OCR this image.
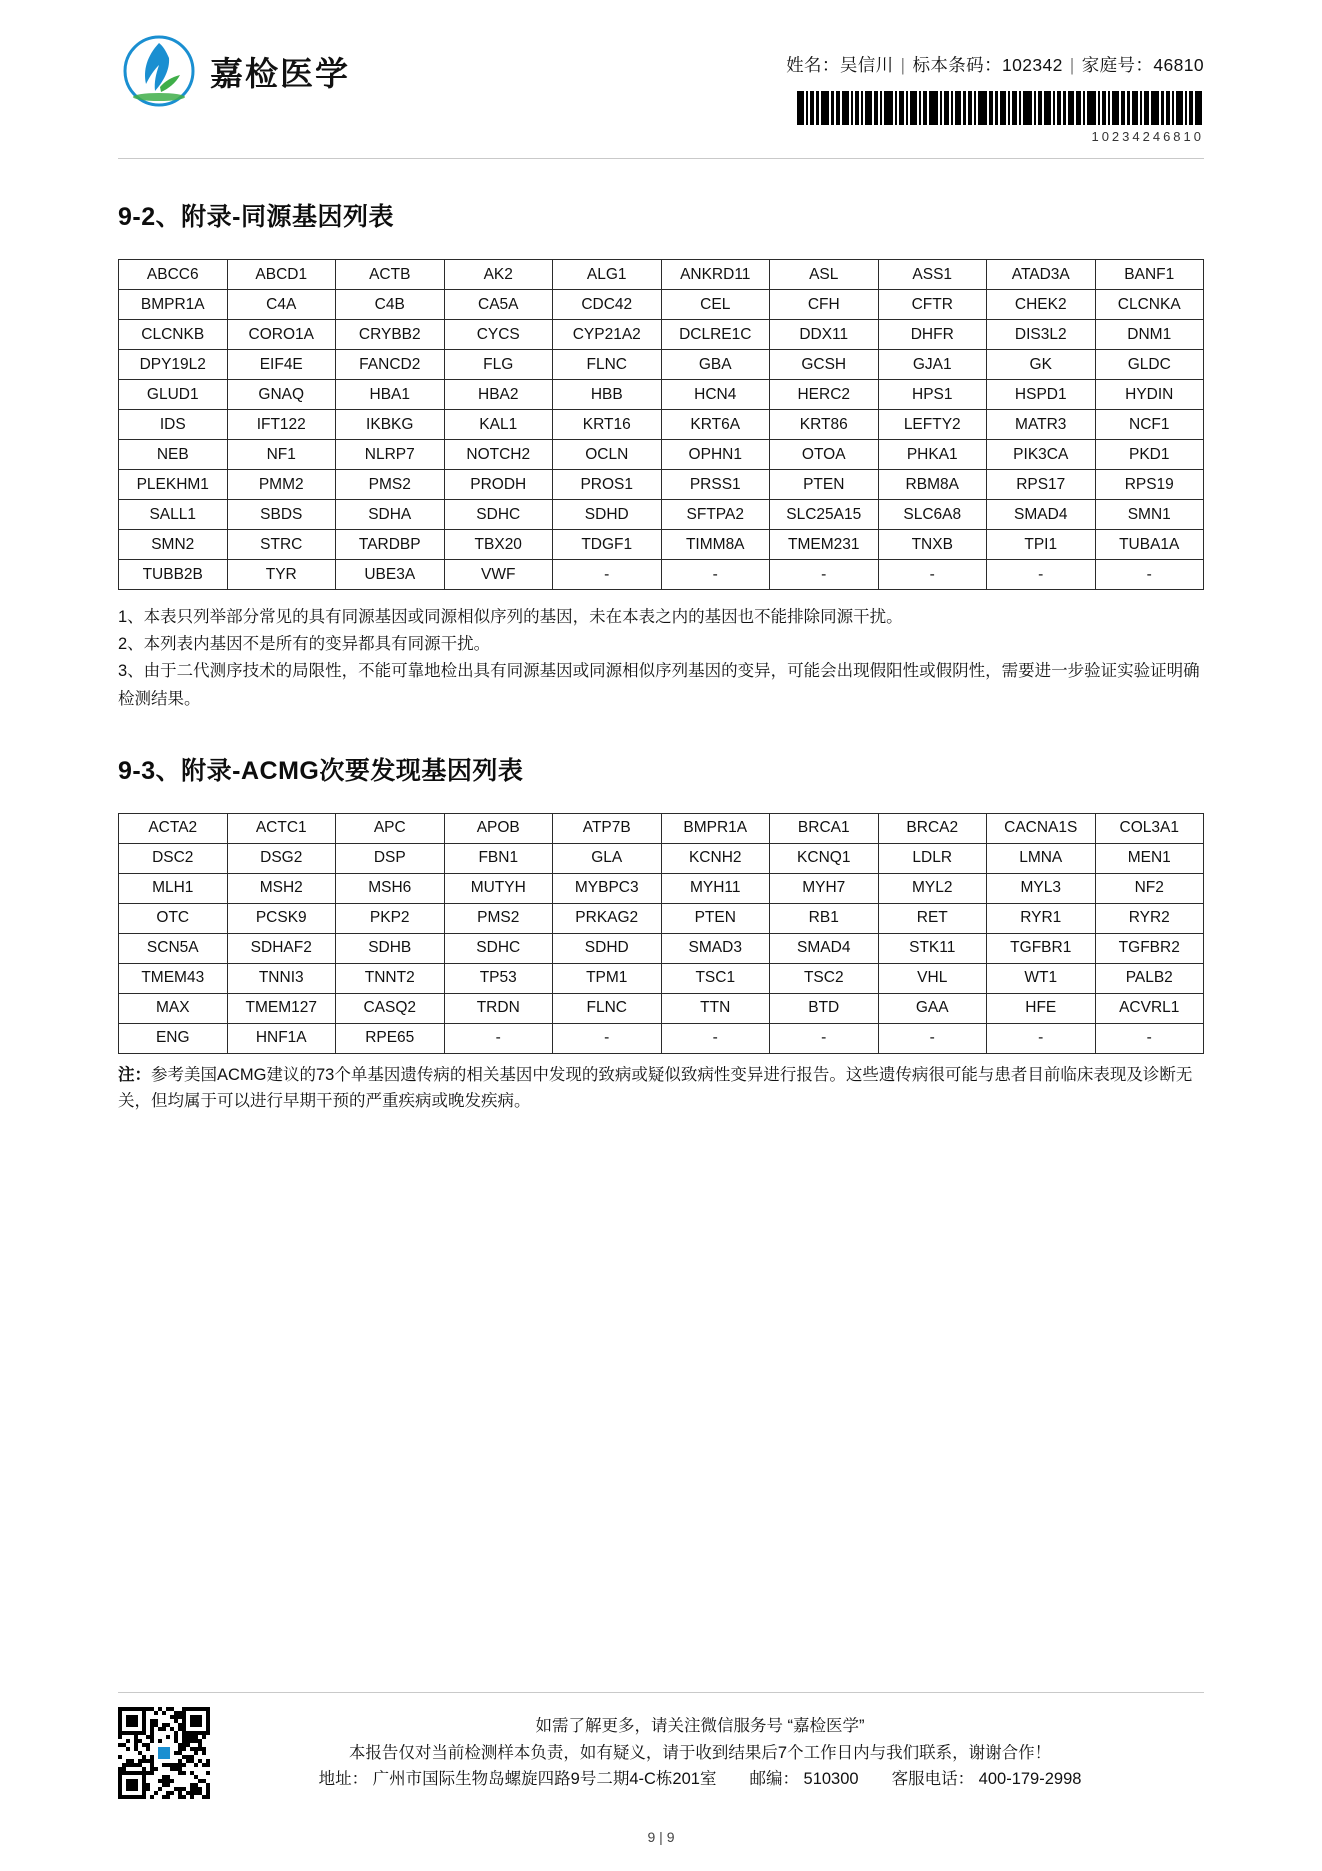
嘉检医学	姓名：吴信川 | 标本条码：102342 | 家庭号：46810
10234246810
9-2、附录-同源基因列表
ABCC6	ABCD1	ACTB	AK2	ALG1	ANKRD11	ASL	ASS1	ATAD3A	BANF1
BMPR1A	C4A	C4B	CA5A	CDC42	CEL	CFH	CFTR	CHEK2	CLCNKA
CLCNKB	CORO1A	CRYBB2	CYCS	CYP21A2	DCLRE1C	DDX11	DHFR	DIS3L2	DNM1
DPY19L2	EIF4E	FANCD2	FLG	FLNC	GBA	GCSH	GJA1	GK	GLDC
GLUD1	GNAQ	HBA1	HBA2	HBB	HCN4	HERC2	HPS1	HSPD1	HYDIN
IDS	IFT122	IKBKG	KAL1	KRT16	KRT6A	KRT86	LEFTY2	MATR3	NCF1
NEB	NF1	NLRP7	NOTCH2	OCLN	OPHN1	OTOA	PHKA1	PIK3CA	PKD1
PLEKHM1	PMM2	PMS2	PRODH	PROS1	PRSS1	PTEN	RBM8A	RPS17	RPS19
SALL1	SBDS	SDHA	SDHC	SDHD	SFTPA2	SLC25A15	SLC6A8	SMAD4	SMN1
SMN2	STRC	TARDBP	TBX20	TDGF1	TIMM8A	TMEM231	TNXB	TPI1	TUBA1A
TUBB2B	TYR	UBE3A	VWF	-	-	-	-	-	-

1、本表只列举部分常见的具有同源基因或同源相似序列的基因，未在本表之内的基因也不能排除同源干扰。

2、本列表内基因不是所有的变异都具有同源干扰。

3、由于二代测序技术的局限性，不能可靠地检出具有同源基因或同源相似序列基因的变异，可能会出现假阳性或假阴性，需要进一步验证实验证明确检测结果。

9-3、附录-ACMG次要发现基因列表
ACTA2	ACTC1	APC	APOB	ATP7B	BMPR1A	BRCA1	BRCA2	CACNA1S	COL3A1
DSC2	DSG2	DSP	FBN1	GLA	KCNH2	KCNQ1	LDLR	LMNA	MEN1
MLH1	MSH2	MSH6	MUTYH	MYBPC3	MYH11	MYH7	MYL2	MYL3	NF2
OTC	PCSK9	PKP2	PMS2	PRKAG2	PTEN	RB1	RET	RYR1	RYR2
SCN5A	SDHAF2	SDHB	SDHC	SDHD	SMAD3	SMAD4	STK11	TGFBR1	TGFBR2
TMEM43	TNNI3	TNNT2	TP53	TPM1	TSC1	TSC2	VHL	WT1	PALB2
MAX	TMEM127	CASQ2	TRDN	FLNC	TTN	BTD	GAA	HFE	ACVRL1
ENG	HNF1A	RPE65	-	-	-	-	-	-	-
注：参考美国ACMG建议的73个单基因遗传病的相关基因中发现的致病或疑似致病性变异进行报告。这些遗传病很可能与患者目前临床表现及诊断无关，但均属于可以进行早期干预的严重疾病或晚发疾病。
如需了解更多，请关注微信服务号 “嘉检医学”
本报告仅对当前检测样本负责，如有疑义，请于收到结果后7个工作日内与我们联系，谢谢合作！
地址： 广州市国际生物岛螺旋四路9号二期4-C栋201室　　邮编： 510300　　客服电话： 400-179-2998
9 | 9
